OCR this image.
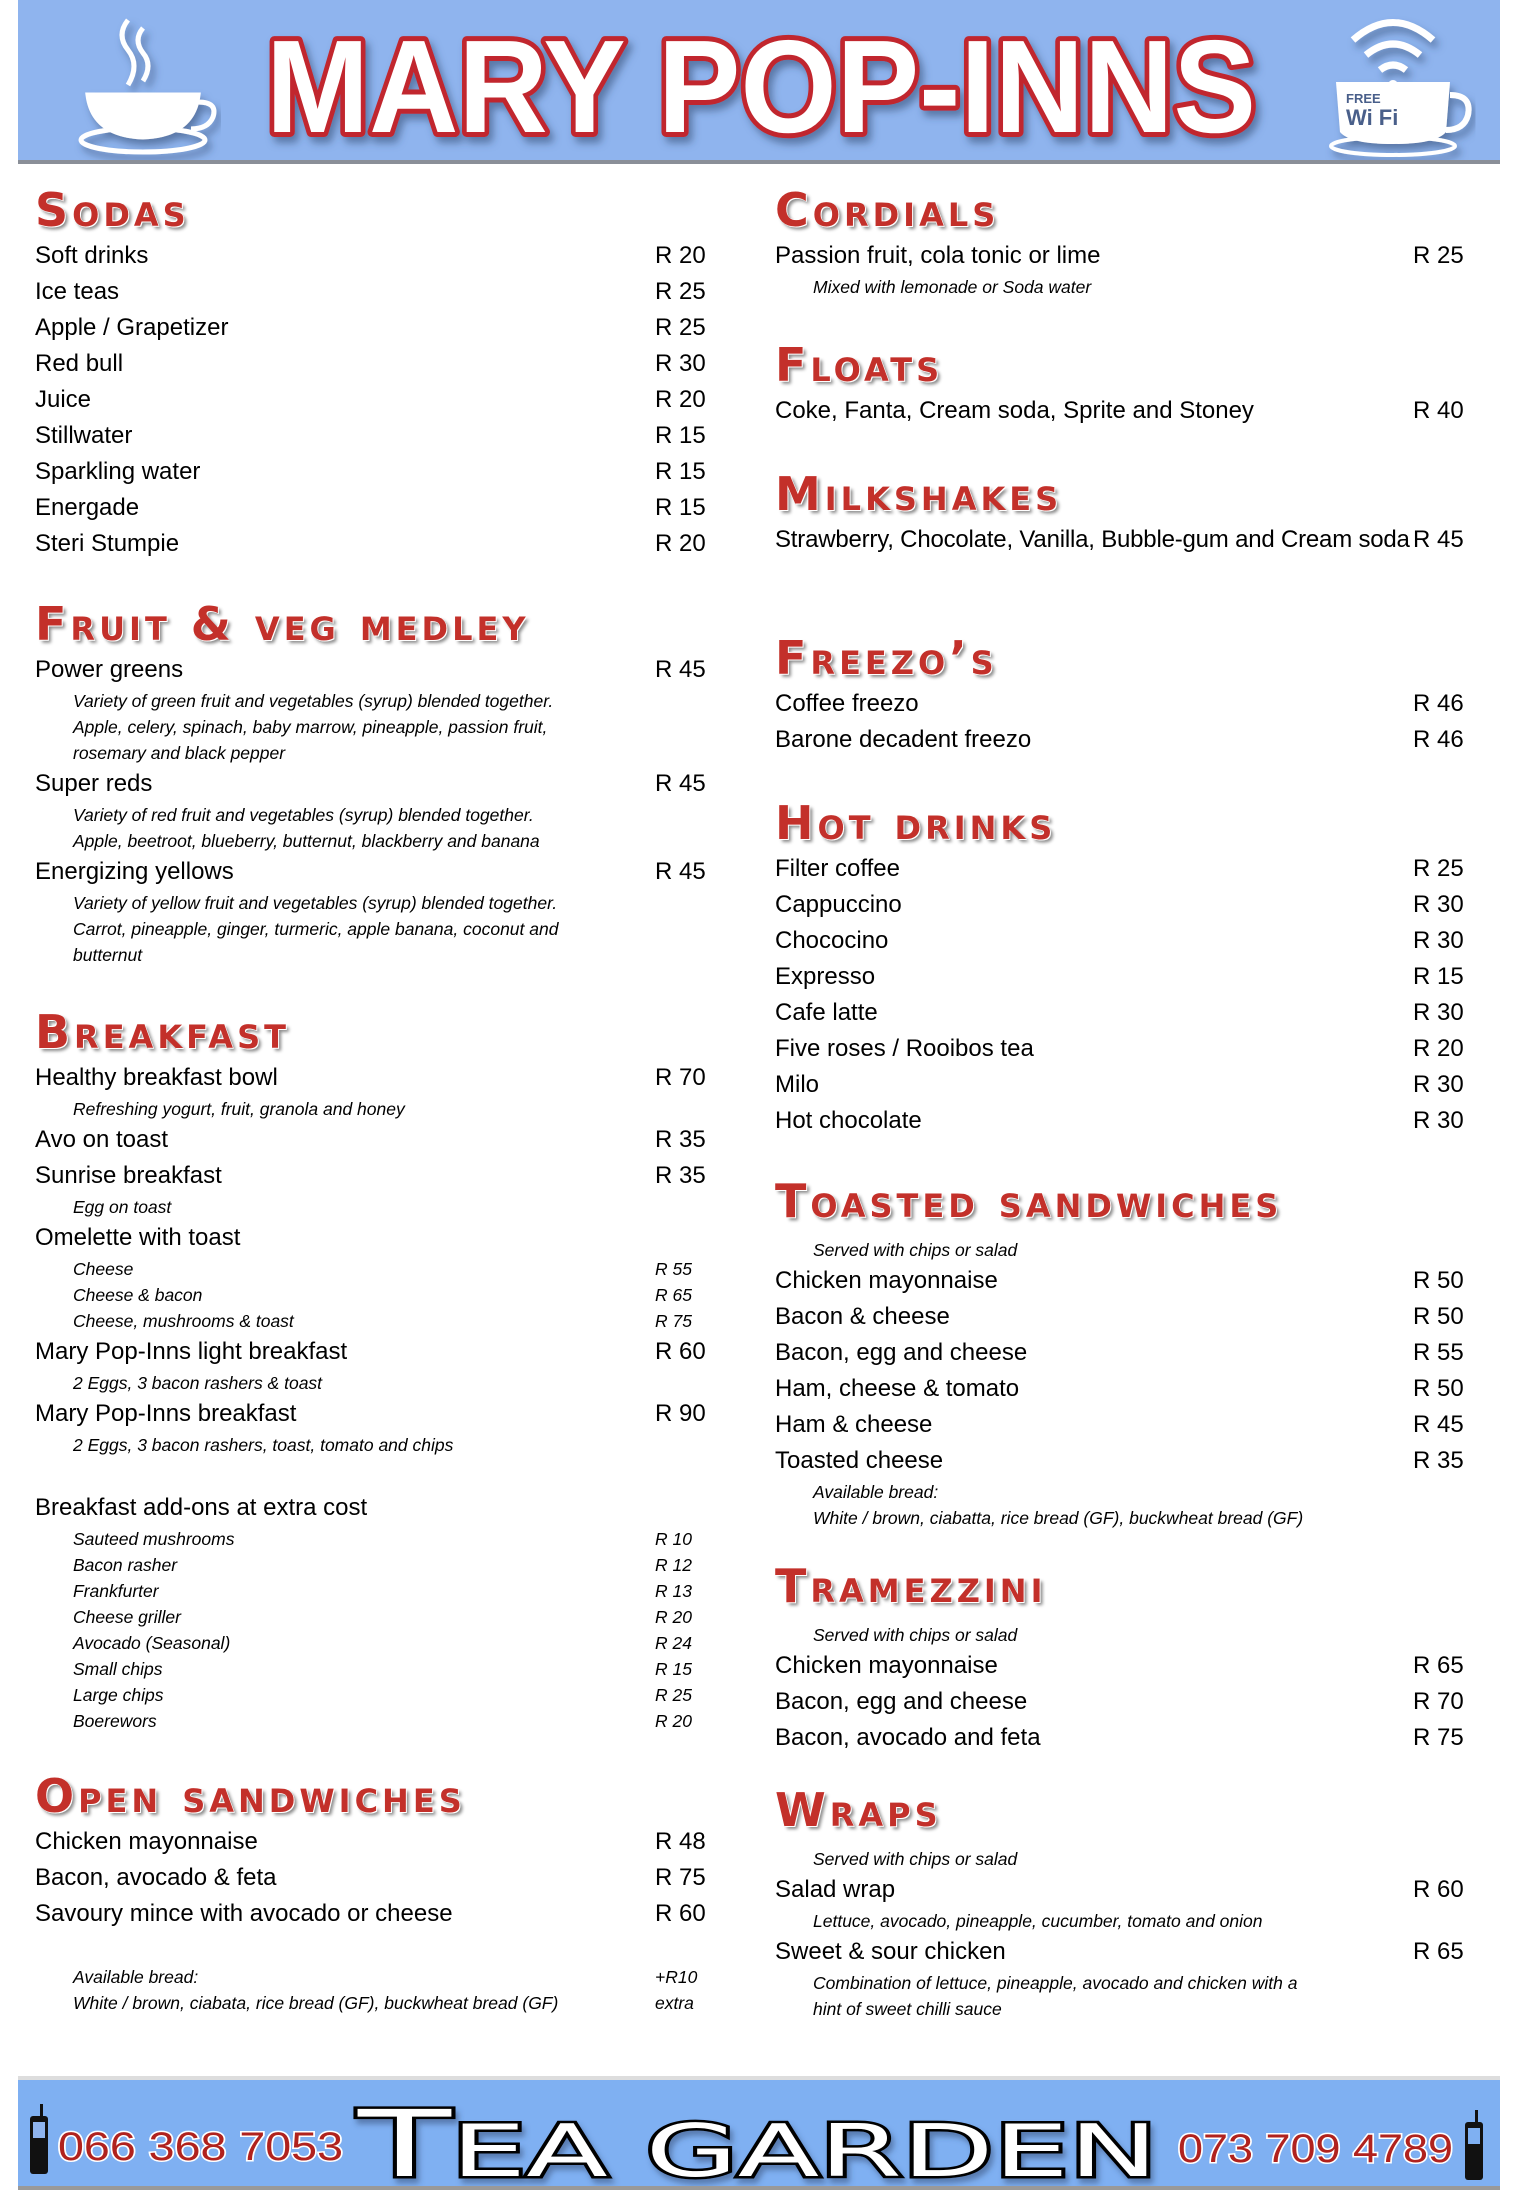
FREE
Wi Fi
MARY POP-INNS
Sodas
Soft drinks	R 20
Ice teas	R 25
Apple / Grapetizer	R 25
Red bull	R 30
Juice	R 20
Stillwater	R 15
Sparkling water	R 15
Energade	R 15
Steri Stumpie	R 20
Fruit & veg medley
Power greens	R 45
Variety of green fruit and vegetables (syrup) blended together.
Apple, celery, spinach, baby marrow, pineapple, passion fruit,
rosemary and black pepper
Super reds	R 45
Variety of red fruit and vegetables (syrup) blended together.
Apple, beetroot, blueberry, butternut, blackberry and banana
Energizing yellows	R 45
Variety of yellow fruit and vegetables (syrup) blended together.
Carrot, pineapple, ginger, turmeric, apple banana, coconut and
butternut
Breakfast
Healthy breakfast bowl	R 70
Refreshing yogurt, fruit, granola and honey
Avo on toast	R 35
Sunrise breakfast	R 35
Egg on toast
Omelette with toast
Cheese	R 55
Cheese & bacon	R 65
Cheese, mushrooms & toast	R 75
Mary Pop-Inns light breakfast	R 60
2 Eggs, 3 bacon rashers & toast
Mary Pop-Inns breakfast	R 90
2 Eggs, 3 bacon rashers, toast, tomato and chips
Breakfast add-ons at extra cost
Sauteed mushrooms	R 10
Bacon rasher	R 12
Frankfurter	R 13
Cheese griller	R 20
Avocado (Seasonal)	R 24
Small chips	R 15
Large chips	R 25
Boerewors	R 20
Open sandwiches
Chicken mayonnaise	R 48
Bacon, avocado & feta	R 75
Savoury mince with avocado or cheese	R 60
Available bread:	+R10
White / brown, ciabata, rice bread (GF), buckwheat bread (GF)	extra
Cordials
Passion fruit, cola tonic or lime	R 25
Mixed with lemonade or Soda water
Floats
Coke, Fanta, Cream soda, Sprite and Stoney	R 40
Milkshakes
Strawberry, Chocolate, Vanilla, Bubble-gum and Cream soda R 45
Freezo’s
Coffee freezo	R 46
Barone decadent freezo	R 46
Hot drinks
Filter coffee	R 25
Cappuccino	R 30
Chococino	R 30
Expresso	R 15
Cafe latte	R 30
Five roses / Rooibos tea	R 20
Milo	R 30
Hot chocolate	R 30
Toasted sandwiches
Served with chips or salad
Chicken mayonnaise	R 50
Bacon & cheese	R 50
Bacon, egg and cheese	R 55
Ham, cheese & tomato	R 50
Ham & cheese	R 45
Toasted cheese	R 35
Available bread:
White / brown, ciabatta, rice bread (GF), buckwheat bread (GF)
Tramezzini
Served with chips or salad
Chicken mayonnaise	R 65
Bacon, egg and cheese	R 70
Bacon, avocado and feta	R 75
Wraps
Served with chips or salad
Salad wrap	R 60
Lettuce, avocado, pineapple, cucumber, tomato and onion
Sweet & sour chicken	R 65
Combination of lettuce, pineapple, avocado and chicken with a
hint of sweet chilli sauce
066 368 7053 T EA GARDEN	073 709 4789
